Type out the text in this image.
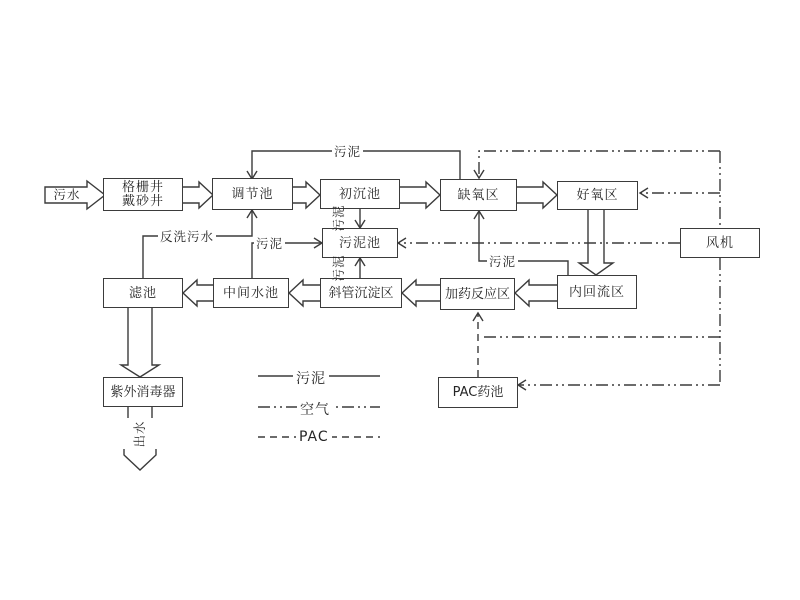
格栅井
戴砂井	调节池	初沉池	缺氧区	好氧区
风机
污泥池
滤池	中间水池	斜管沉淀区	加药反应区	内回流区
紫外消毒器	PAC药池
污水
污泥
反洗污水	污泥
污泥
污泥
污泥
出水
污泥
空气
PAC
